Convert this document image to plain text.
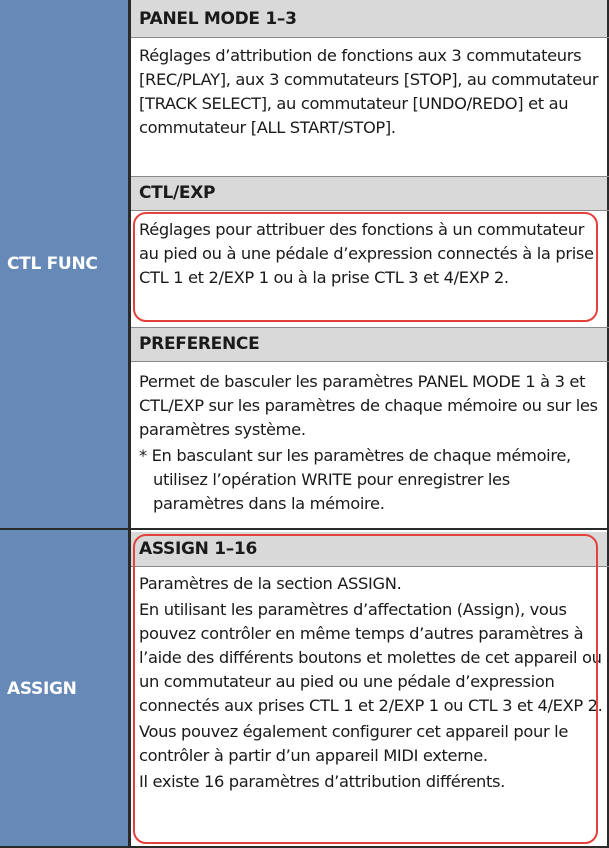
CTL FUNC
ASSIGN
PANEL MODE 1–3
CTL/EXP
PREFERENCE
ASSIGN 1–16

Réglages d’attribution de fonctions aux 3 commutateurs [REC/PLAY], aux 3 commutateurs [STOP], au commutateur [TRACK SELECT], au commutateur [UNDO/REDO] et au commutateur [ALL START/STOP].

Réglages pour attribuer des fonctions à un commutateur au pied ou à une pédale d’expression connectés à la prise CTL 1 et 2/EXP 1 ou à la prise CTL 3 et 4/EXP 2.

Permet de basculer les paramètres PANEL MODE 1 à 3 et CTL/EXP sur les paramètres de chaque mémoire ou sur les paramètres système.

* En basculant sur les paramètres de chaque mémoire, utilisez l’opération WRITE pour enregistrer les paramètres dans la mémoire.

Paramètres de la section ASSIGN.

En utilisant les paramètres d’affectation (Assign), vous pouvez contrôler en même temps d’autres paramètres à l’aide des différents boutons et molettes de cet appareil ou un commutateur au pied ou une pédale d’expression connectés aux prises CTL 1 et 2/EXP 1 ou CTL 3 et 4/EXP 2.

Vous pouvez également configurer cet appareil pour le contrôler à partir d’un appareil MIDI externe.

Il existe 16 paramètres d’attribution différents.
